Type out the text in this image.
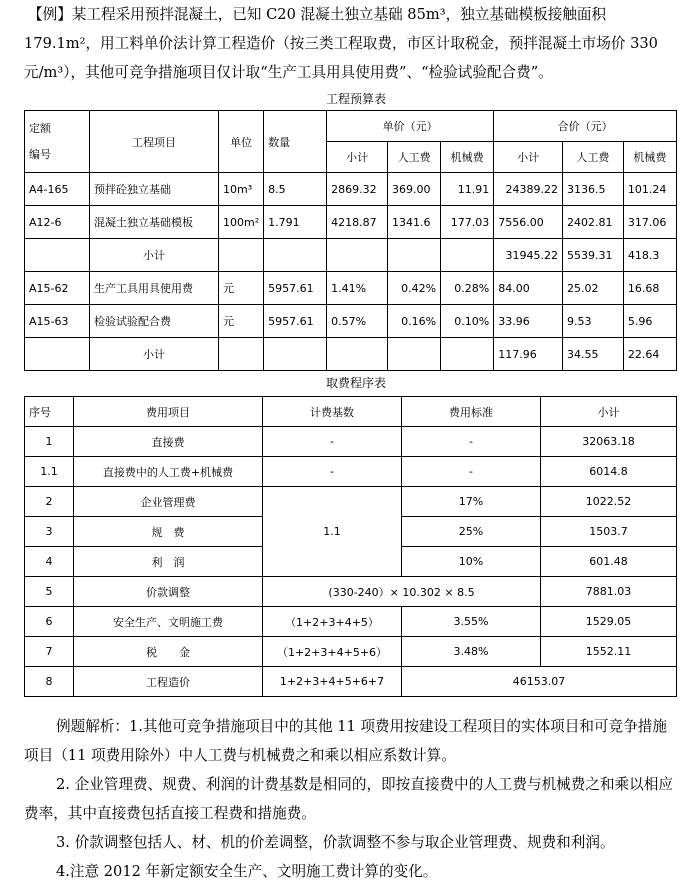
【例】某工程采用预拌混凝土，已知 C20 混凝土独立基础 85m³，独立基础模板接触面积 179.1m²，用工料单价法计算工程造价（按三类工程取费，市区计取税金，预拌混凝土市场价 330 元/m³），其他可竞争措施项目仅计取“生产工具用具使用费”、“检验试验配合费”。
工程预算表
定额
编号	工程项目	单位	数量	单价（元）			合价（元）		
				小计	人工费	机械费	小计	人工费	机械费
A4-165	预拌砼独立基础	10m³	8.5	2869.32	369.00	11.91	24389.22	3136.5	101.24
A12-6	混凝土独立基础模板	100m²	1.791	4218.87	1341.6	177.03	7556.00	2402.81	317.06
	小计						31945.22	5539.31	418.3
A15-62	生产工具用具使用费	元	5957.61	1.41%	0.42%	0.28%	84.00	25.02	16.68
A15-63	检验试验配合费	元	5957.61	0.57%	0.16%	0.10%	33.96	9.53	5.96
	小计						117.96	34.55	22.64
取费程序表
序号	费用项目	计费基数	费用标准	小计
1	直接费	-	-	32063.18
1.1	直接费中的人工费+机械费	-	-	6014.8
2	企业管理费	1.1	17%	1022.52
3	规　费		25%	1503.7
4	利　润		10%	601.48
5	价款调整	(330-240）× 10.302 × 8.5		7881.03
6	安全生产、文明施工费	（1+2+3+4+5）	3.55%	1529.05
7	税　　金	（1+2+3+4+5+6）	3.48%	1552.11
8	工程造价	1+2+3+4+5+6+7	46153.07	

例题解析：1.其他可竞争措施项目中的其他 11 项费用按建设工程项目的实体项目和可竞争措施项目（11 项费用除外）中人工费与机械费之和乘以相应系数计算。

2. 企业管理费、规费、利润的计费基数是相同的，即按直接费中的人工费与机械费之和乘以相应费率，其中直接费包括直接工程费和措施费。

3. 价款调整包括人、材、机的价差调整，价款调整不参与取企业管理费、规费和利润。

4.注意 2012 年新定额安全生产、文明施工费计算的变化。
